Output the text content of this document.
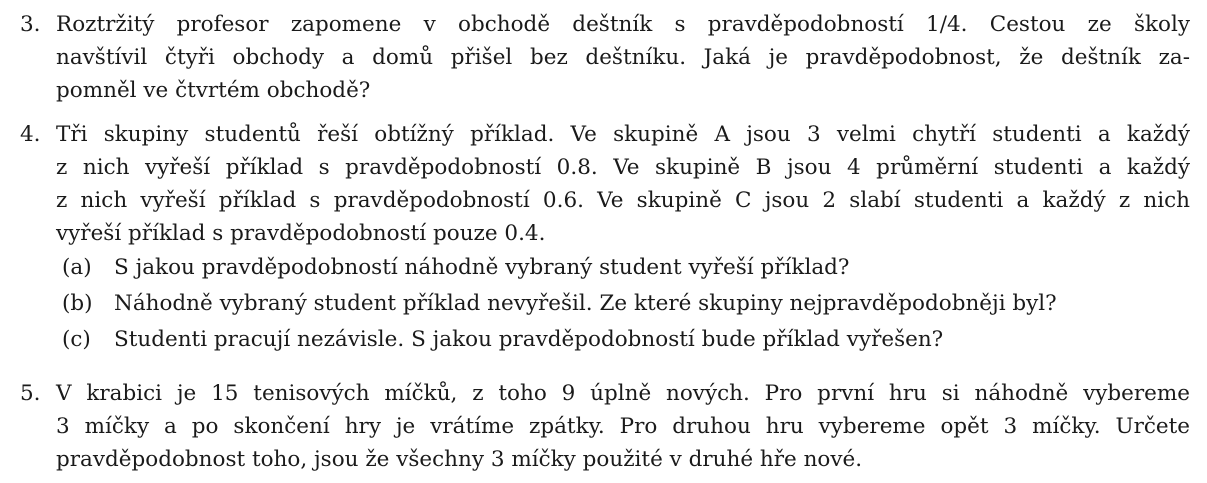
3. Roztržitý profesor zapomene v obchodě deštník s pravděpodobností 1/4. Cestou ze školy
navštívil čtyři obchody a domů přišel bez deštníku. Jaká je pravděpodobnost, že deštník za-
pomněl ve čtvrtém obchodě?
4. Tři skupiny studentů řeší obtížný příklad. Ve skupině A jsou 3 velmi chytří studenti a každý
z nich vyřeší příklad s pravděpodobností 0.8. Ve skupině B jsou 4 průměrní studenti a každý
z nich vyřeší příklad s pravděpodobností 0.6. Ve skupině C jsou 2 slabí studenti a každý z nich
vyřeší příklad s pravděpodobností pouze 0.4.
(a) S jakou pravděpodobností náhodně vybraný student vyřeší příklad?
(b) Náhodně vybraný student příklad nevyřešil. Ze které skupiny nejpravděpodobněji byl?
(c) Studenti pracují nezávisle. S jakou pravděpodobností bude příklad vyřešen?
5. V krabici je 15 tenisových míčků, z toho 9 úplně nových. Pro první hru si náhodně vybereme
3 míčky a po skončení hry je vrátíme zpátky. Pro druhou hru vybereme opět 3 míčky. Určete
pravděpodobnost toho, jsou že všechny 3 míčky použité v druhé hře nové.
